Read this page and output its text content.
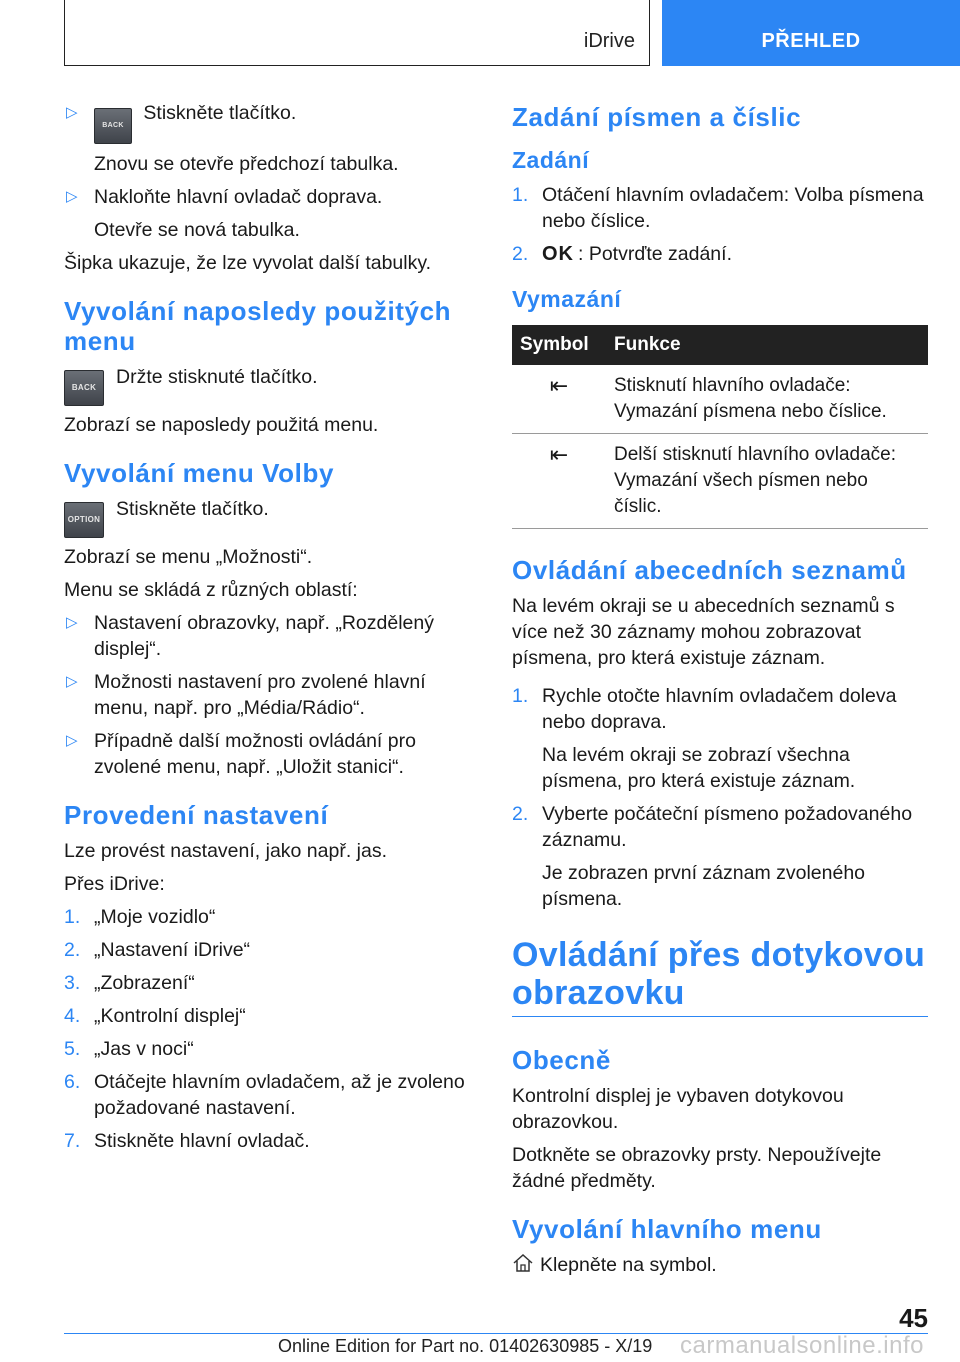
iDrive	PŘEHLED
▷
BACK Stiskněte tlačítko.
Znovu se otevře předchozí tabulka.
▷ Nakloňte hlavní ovladač doprava.
Otevře se nová tabulka.

Šipka ukazuje, že lze vyvolat další tabulky.

Vyvolání naposledy použitých menu
BACK	Držte stisknuté tlačítko.

Zobrazí se naposledy použitá menu.

Vyvolání menu Volby
OPTION Stiskněte tlačítko.

Zobrazí se menu „Možnosti“.

Menu se skládá z různých oblastí:

▷ Nastavení obrazovky, např. „Rozdělený displej“.
▷ Možnosti nastavení pro zvolené hlavní menu, např. pro „Média/Rádio“.
▷ Případně další možnosti ovládání pro zvolené menu, např. „Uložit stanici“.
Provedení nastavení

Lze provést nastavení, jako např. jas.

Přes iDrive:

1. „Moje vozidlo“
2. „Nastavení iDrive“
3. „Zobrazení“
4. „Kontrolní displej“
5. „Jas v noci“
6. Otáčejte hlavním ovladačem, až je zvoleno požadované nastavení.
7. Stiskněte hlavní ovladač.
Zadání písmen a číslic
Zadání
1. Otáčení hlavním ovladačem: Volba písmena nebo číslice.
2. OK : Potvrďte zadání.
Vymazání
Symbol	Funkce
⇤	Stisknutí hlavního ovladače: Vymazání písmena nebo číslice.
⇤	Delší stisknutí hlavního ovladače: Vymazání všech písmen nebo číslic.
Ovládání abecedních seznamů

Na levém okraji se u abecedních seznamů s více než 30 záznamy mohou zobrazovat písmena, pro která existuje záznam.

1. Rychle otočte hlavním ovladačem doleva nebo doprava.
Na levém okraji se zobrazí všechna písmena, pro která existuje záznam.
2. Vyberte počáteční písmeno požadovaného záznamu.
Je zobrazen první záznam zvoleného písmena.
Ovládání přes dotykovou obrazovku
Obecně

Kontrolní displej je vybaven dotykovou obrazovkou.

Dotkněte se obrazovky prsty. Nepoužívejte žádné předměty.

Vyvolání hlavního menu

Klepněte na symbol.

45
Online Edition for Part no. 01402630985 - X/19 carmanualsonline.info
